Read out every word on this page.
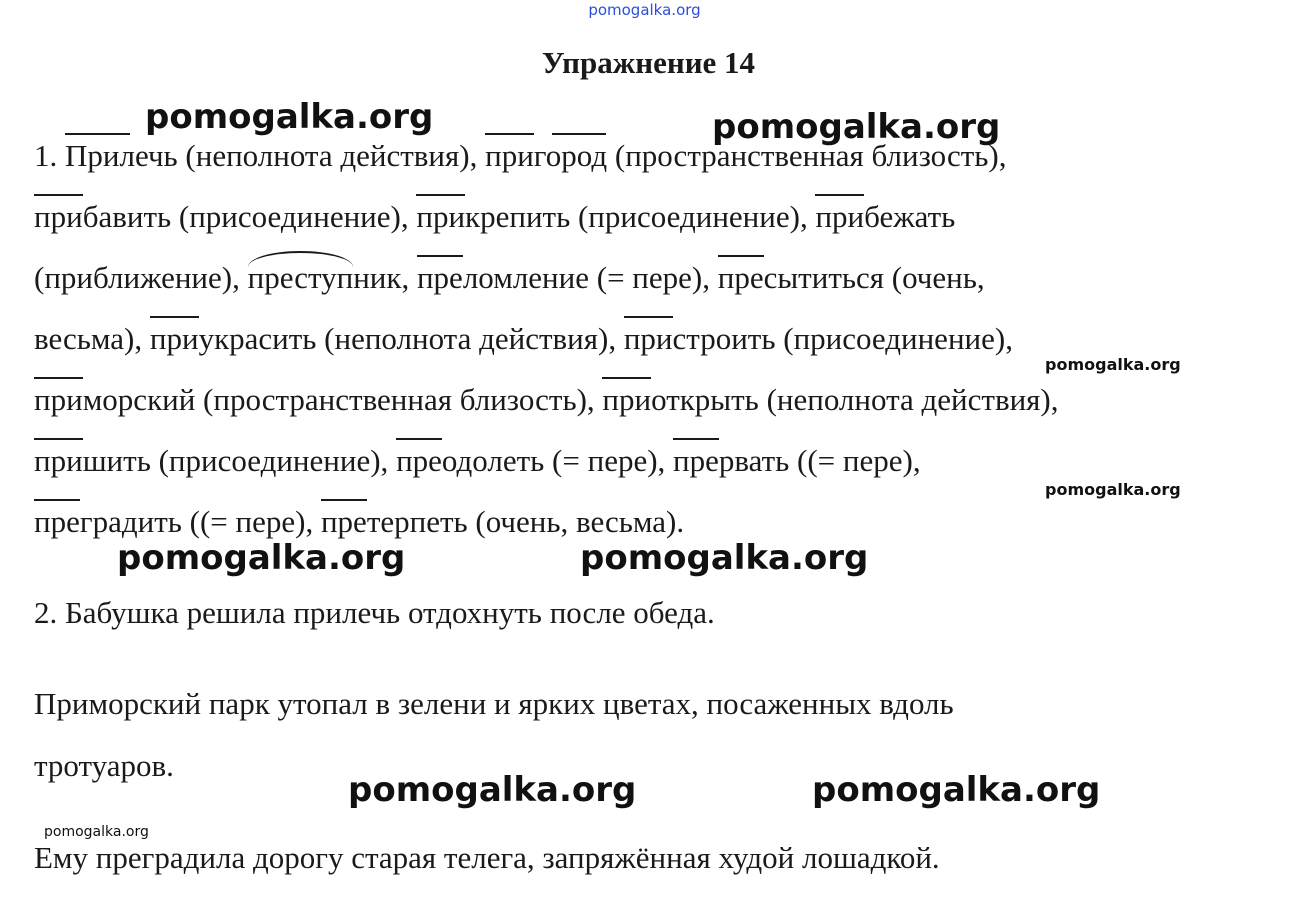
pomogalka.org
Упражнение 14
1. Прилечь (неполнота действия), пригород (пространственная близость),
прибавить (присоединение), прикрепить (присоединение), прибежать
(приближение), преступник, преломление (= пере), пресытиться (очень,
весьма), приукрасить (неполнота действия), пристроить (присоединение),
приморский (пространственная близость), приоткрыть (неполнота действия),
пришить (присоединение), преодолеть (= пере), прервать ((= пере),
преградить ((= пере), претерпеть (очень, весьма).
2. Бабушка решила прилечь отдохнуть после обеда.
Приморский парк утопал в зелени и ярких цветах, посаженных вдоль
тротуаров.
Ему преградила дорогу старая телега, запряжённая худой лошадкой.
pomogalka.org	pomogalka.org
pomogalka.org
pomogalka.org
pomogalka.org	pomogalka.org
pomogalka.org	pomogalka.org
pomogalka.org
